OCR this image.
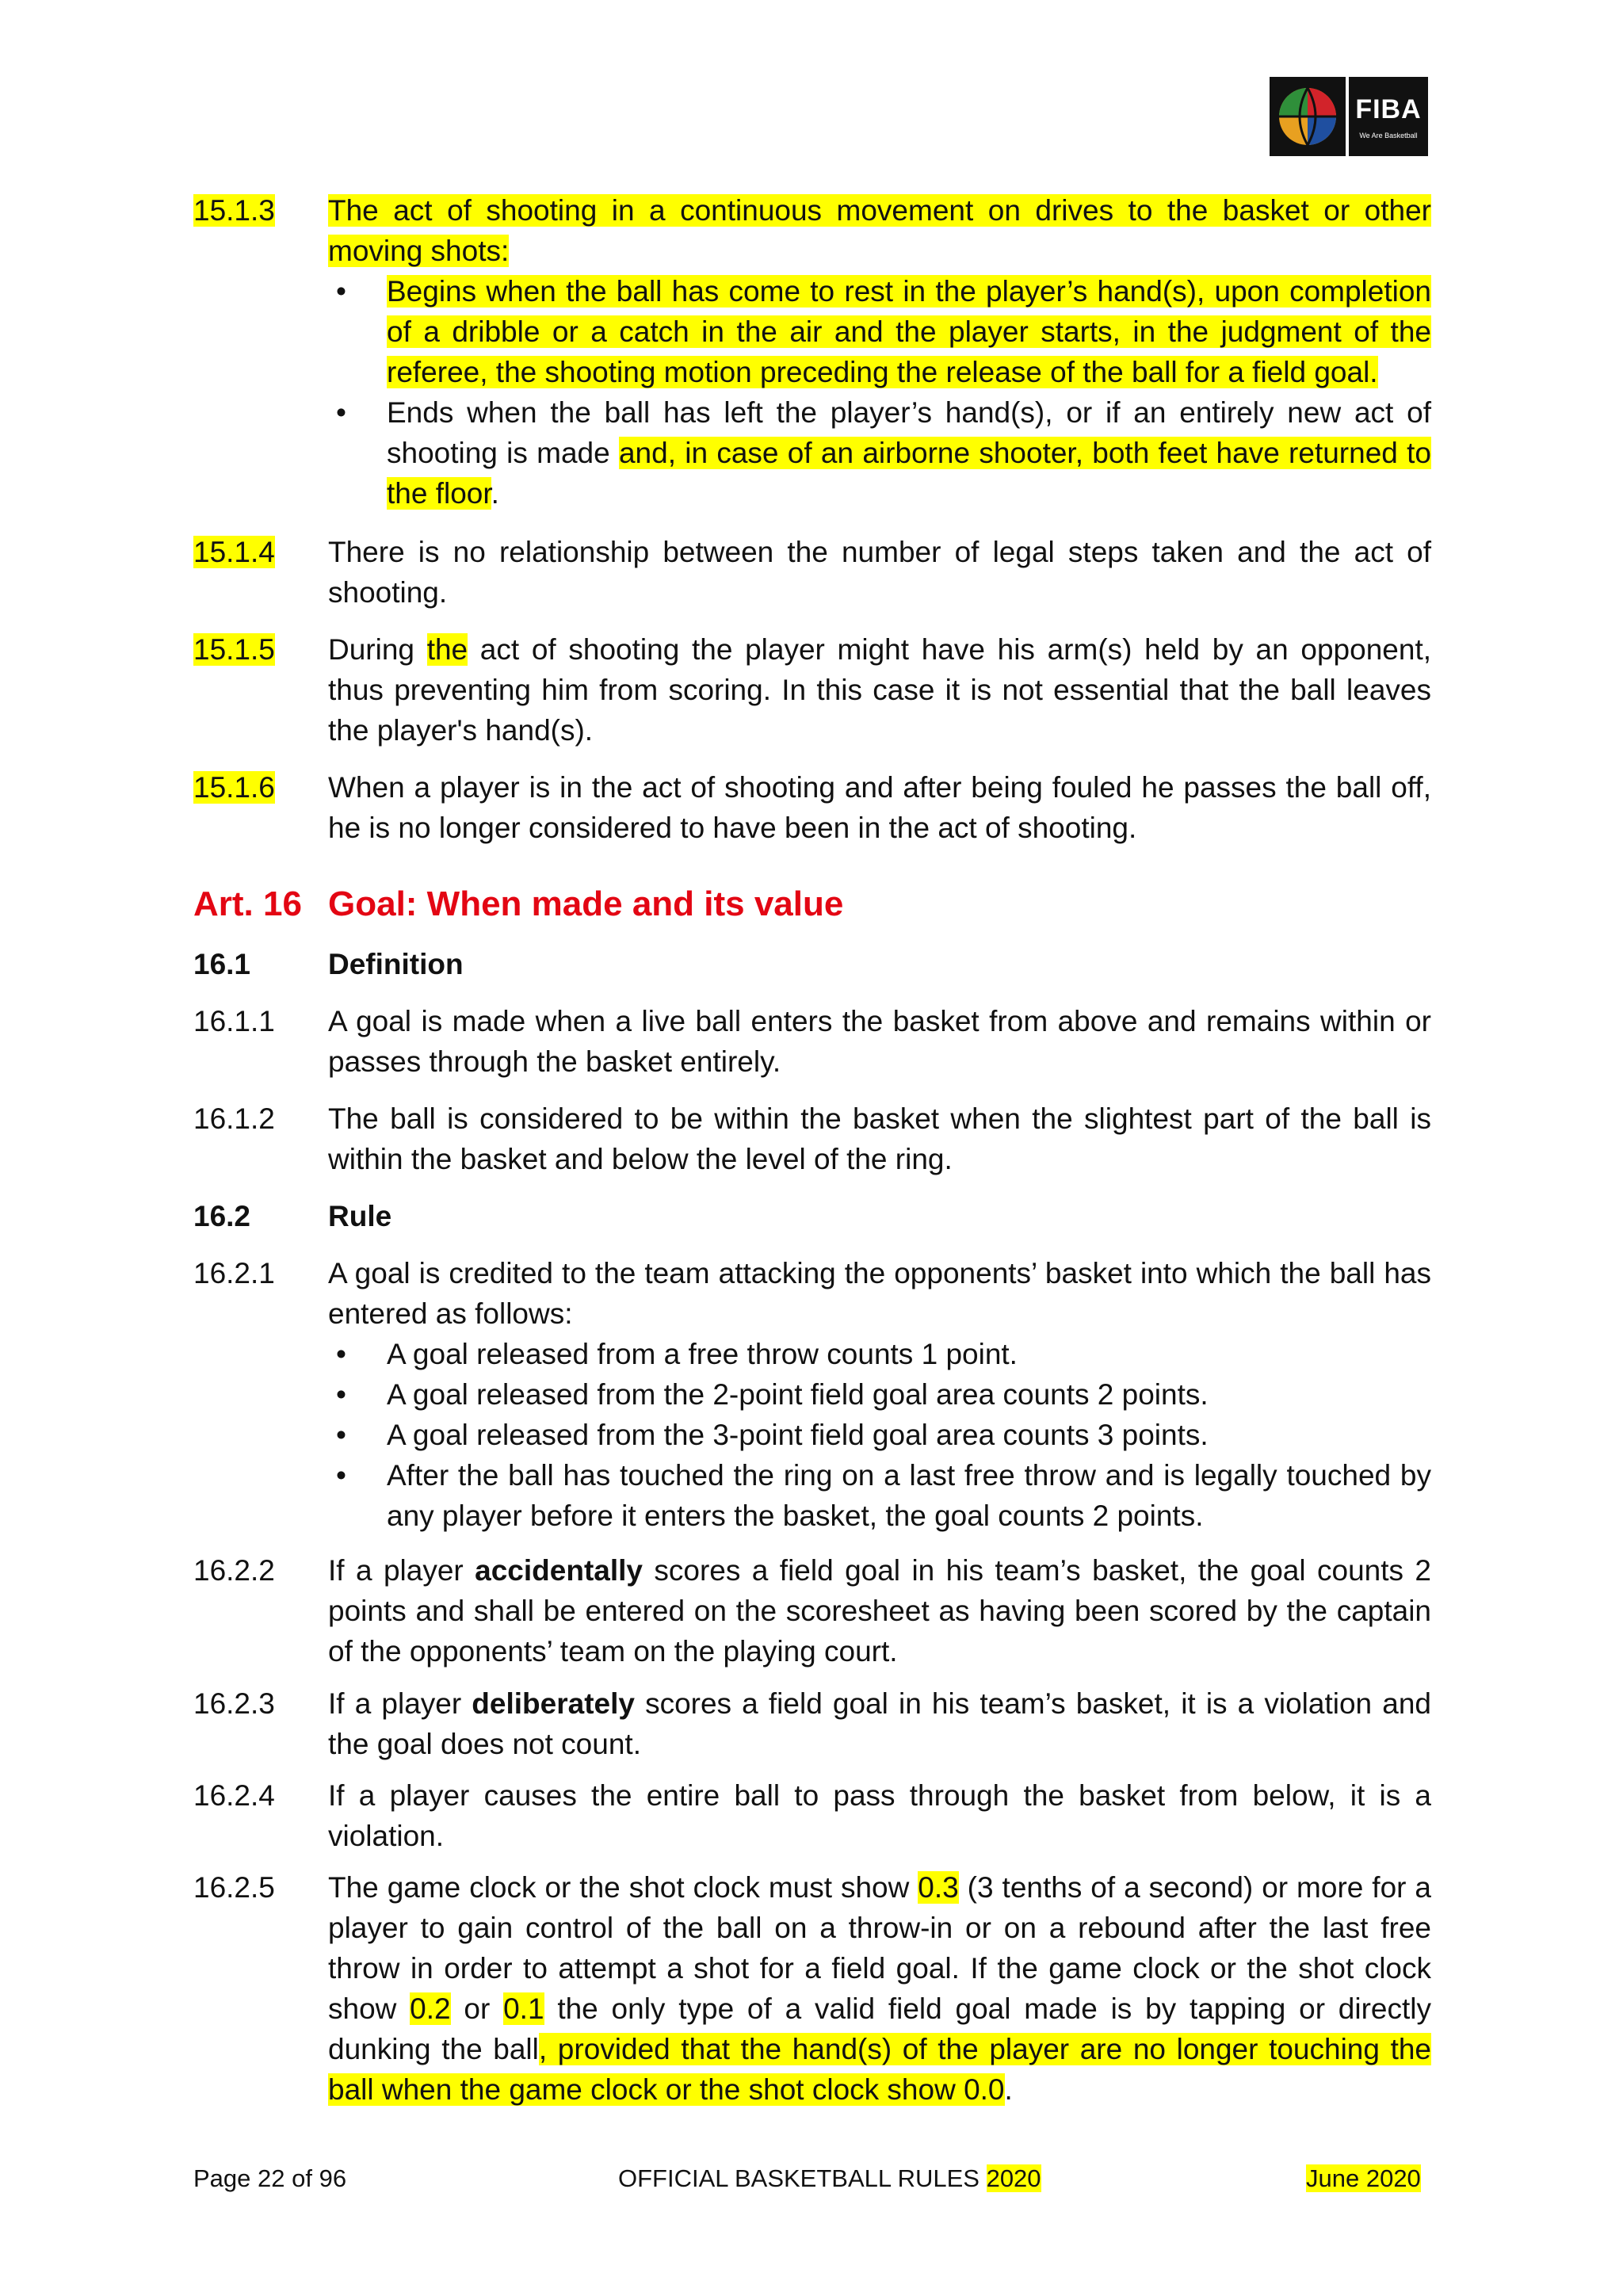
FIBA
We Are Basketball
15.1.3	The act of shooting in a continuous movement on drives to the basket or other moving shots:
• Begins when the ball has come to rest in the player’s hand(s), upon completion of a dribble or a catch in the air and the player starts, in the judgment of the referee, the shooting motion preceding the release of the ball for a field goal.
• Ends when the ball has left the player’s hand(s), or if an entirely new act of shooting is made and, in case of an airborne shooter, both feet have returned to the floor.
15.1.4	There is no relationship between the number of legal steps taken and the act of shooting.
15.1.5	During the act of shooting the player might have his arm(s) held by an opponent, thus preventing him from scoring. In this case it is not essential that the ball leaves the player's hand(s).
15.1.6	When a player is in the act of shooting and after being fouled he passes the ball off, he is no longer considered to have been in the act of shooting.
Art. 16 Goal: When made and its value
16.1	Definition
16.1.1	A goal is made when a live ball enters the basket from above and remains within or passes through the basket entirely.
16.1.2	The ball is considered to be within the basket when the slightest part of the ball is within the basket and below the level of the ring.
16.2	Rule
16.2.1	A goal is credited to the team attacking the opponents’ basket into which the ball has entered as follows:
• A goal released from a free throw counts 1 point.
• A goal released from the 2-point field goal area counts 2 points.
• A goal released from the 3-point field goal area counts 3 points.
• After the ball has touched the ring on a last free throw and is legally touched by any player before it enters the basket, the goal counts 2 points.
16.2.2	If a player accidentally scores a field goal in his team’s basket, the goal counts 2 points and shall be entered on the scoresheet as having been scored by the captain of the opponents’ team on the playing court.
16.2.3	If a player deliberately scores a field goal in his team’s basket, it is a violation and the goal does not count.
16.2.4	If a player causes the entire ball to pass through the basket from below, it is a violation.
16.2.5	The game clock or the shot clock must show 0.3 (3 tenths of a second) or more for a player to gain control of the ball on a throw-in or on a rebound after the last free throw in order to attempt a shot for a field goal. If the game clock or the shot clock show 0.2 or 0.1 the only type of a valid field goal made is by tapping or directly dunking the ball, provided that the hand(s) of the player are no longer touching the ball when the game clock or the shot clock show 0.0.
Page 22 of 96	OFFICIAL BASKETBALL RULES 2020	June 2020
